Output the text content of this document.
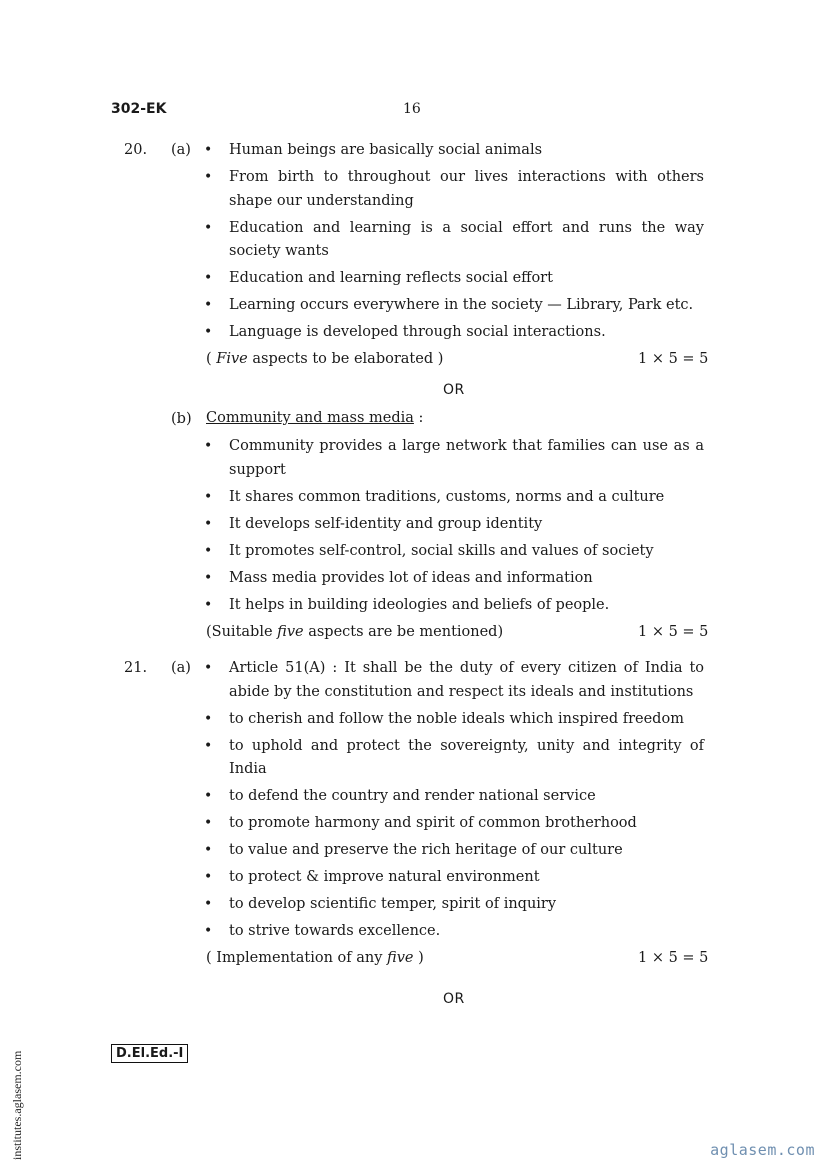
302-EK	16
20. (a)	• Human beings are basically social animals
• From birth to throughout our lives interactions with others shape our understanding
• Education and learning is a social effort and runs the way society wants
• Education and learning reflects social effort
• Learning occurs everywhere in the society — Library, Park etc.
• Language is developed through social interactions.
( Five aspects to be elaborated )	1 × 5 = 5
OR
(b) Community and mass media :
• Community provides a large network that families can use as a support
• It shares common traditions, customs, norms and a culture
• It develops self-identity and group identity
• It promotes self-control, social skills and values of society
• Mass media provides lot of ideas and information
• It helps in building ideologies and beliefs of people.
(Suitable five aspects are be mentioned)	1 × 5 = 5
21. (a)	• Article 51(A) : It shall be the duty of every citizen of India to abide by the constitution and respect its ideals and institutions
• to cherish and follow the noble ideals which inspired freedom
• to uphold and protect the sovereignty, unity and integrity of India
• to defend the country and render national service
• to promote harmony and spirit of common brotherhood
• to value and preserve the rich heritage of our culture
• to protect & improve natural environment
• to develop scientific temper, spirit of inquiry
• to strive towards excellence.
( Implementation of any five )	1 × 5 = 5
OR
D.El.Ed.-I
institutes.aglasem.com	aglasem.com
